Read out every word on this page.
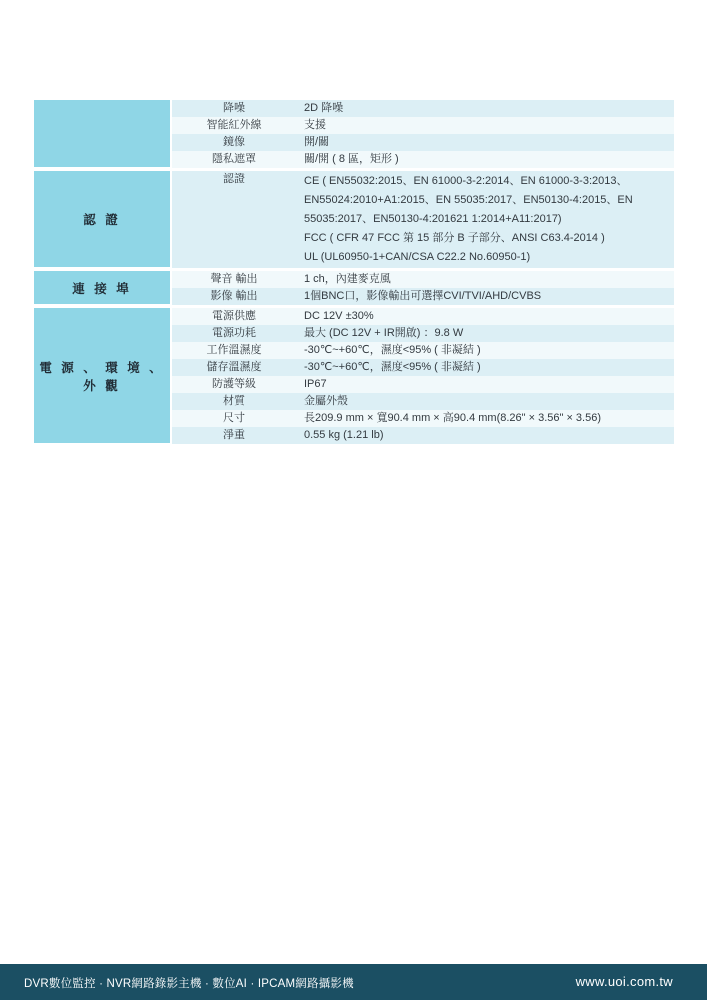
	降噪	2D 降噪

	智能紅外線	支援

	鏡像	開/關

	隱私遮罩	關/開 ( 8 區，矩形 )

認 證	認證	CE ( EN55032:2015、EN 61000-3-2:2014、EN 61000-3-3:2013、
EN55024:2010+A1:2015、EN 55035:2017、EN50130-4:2015、EN
55035:2017、EN50130-4:201621 1:2014+A11:2017)
FCC ( CFR 47 FCC 第 15 部分 B 子部分、ANSI C63.4-2014 )
UL (UL60950-1+CAN/CSA C22.2 No.60950-1)

連 接 埠	聲音 輸出	1 ch，內建麥克風

	影像 輸出	1個BNC口，影像輸出可選擇CVI/TVI/AHD/CVBS

電 源 、 環 境 、 外 觀	電源供應	DC 12V ±30%

	電源功耗	最大 (DC 12V + IR開啟) ：9.8 W

	工作溫濕度	-30℃~+60℃，濕度<95% ( 非凝結 )

	儲存溫濕度	-30℃~+60℃，濕度<95% ( 非凝結 )

	防護等級	IP67

	材質	金屬外殼

	尺寸	長209.9 mm × 寬90.4 mm × 高90.4 mm(8.26" × 3.56" × 3.56)

	淨重	0.55 kg (1.21 lb)
DVR數位監控 · NVR網路錄影主機 · 數位AI · IPCAM網路攝影機	www.uoi.com.tw
